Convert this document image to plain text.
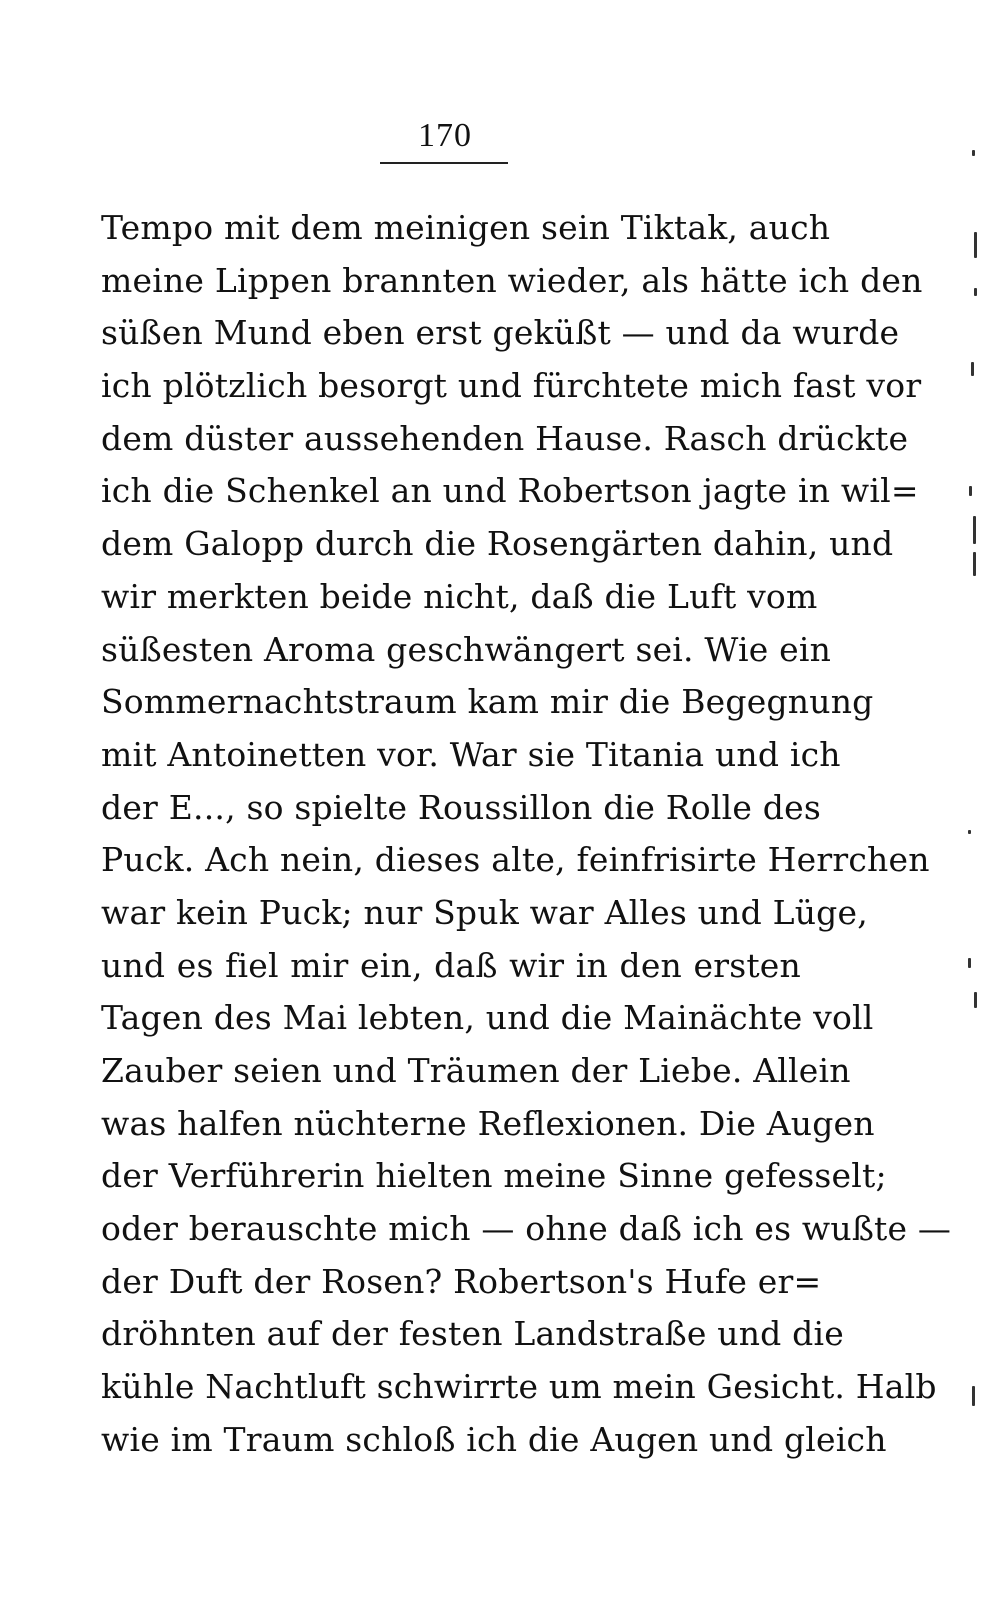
170
Tempo mit dem meinigen sein Tiktak, auch
meine Lippen brannten wieder, als hätte ich den
süßen Mund eben erst geküßt — und da wurde
ich plötzlich besorgt und fürchtete mich fast vor
dem düster aussehenden Hause. Rasch drückte
ich die Schenkel an und Robertson jagte in wil=
dem Galopp durch die Rosengärten dahin, und
wir merkten beide nicht, daß die Luft vom
süßesten Aroma geschwängert sei. Wie ein
Sommernachtstraum kam mir die Begegnung
mit Antoinetten vor. War sie Titania und ich
der E..., so spielte Roussillon die Rolle des
Puck. Ach nein, dieses alte, feinfrisirte Herrchen
war kein Puck; nur Spuk war Alles und Lüge,
und es fiel mir ein, daß wir in den ersten
Tagen des Mai lebten, und die Mainächte voll
Zauber seien und Träumen der Liebe. Allein
was halfen nüchterne Reflexionen. Die Augen
der Verführerin hielten meine Sinne gefesselt;
oder berauschte mich — ohne daß ich es wußte —
der Duft der Rosen? Robertson's Hufe er=
dröhnten auf der festen Landstraße und die
kühle Nachtluft schwirrte um mein Gesicht. Halb
wie im Traum schloß ich die Augen und gleich
